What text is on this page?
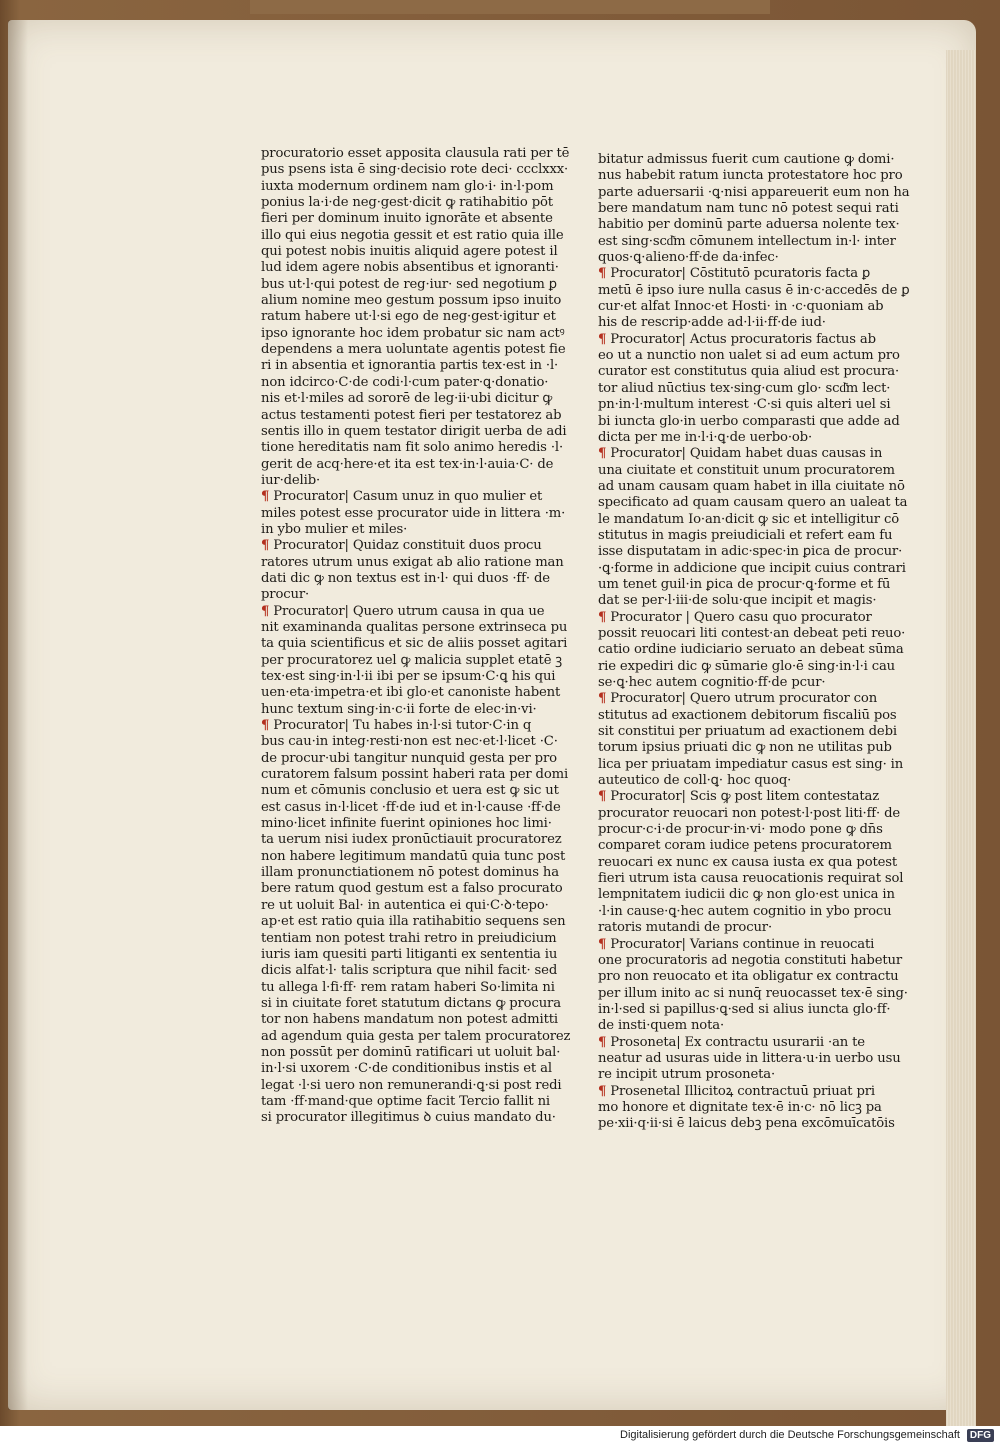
procuratorio esset apposita clausula rati per tē
pus psens ista ē sing·decisio rote deci· ccclxxx·
iuxta modernum ordinem nam glo·i· in·l·pom
ponius la·i·de neg·gest·dicit ꝙ ratihabitio pōt
fieri per dominum inuito ignorāte et absente
illo qui eius negotia gessit et est ratio quia ille
qui potest nobis inuitis aliquid agere potest il
lud idem agere nobis absentibus et ignoranti·
bus ut·l·qui potest de reg·iur· sed negotium ꝑ
alium nomine meo gestum possum ipso inuito
ratum habere ut·l·si ego de neg·gest·igitur et
ipso ignorante hoc idem probatur sic nam actꝰ
dependens a mera uoluntate agentis potest fie
ri in absentia et ignorantia partis tex·est in ·l·
non idcirco·C·de codi·l·cum pater·ꝗ·donatio·
nis et·l·miles ad sororē de leg·ii·ubi dicitur ꝙ
actus testamenti potest fieri per testatorez ab
sentis illo in quem testator dirigit uerba de adi
tione hereditatis nam fit solo animo heredis ·l·
gerit de acq·here·et ita est tex·in·l·auia·C· de
iur·delib·
¶ Procurator| Casum unuz in quo mulier et
miles potest esse procurator uide in littera ·m·
in ybo mulier et miles·
¶ Procurator| Quidaz constituit duos procu
ratores utrum unus exigat ab alio ratione man
dati dic ꝙ non textus est in·l· qui duos ·ff· de
procur·
¶ Procurator| Quero utrum causa in qua ue
nit examinanda qualitas persone extrinseca pu
ta quia scientificus et sic de aliis posset agitari
per procuratorez uel ꝙ malicia supplet etatē ꝫ
tex·est sing·in·l·ii ibi per se ipsum·C·ꝗ his qui
uen·eta·impetra·et ibi glo·et canoniste habent
hunc textum sing·in·c·ii forte de elec·in·vi·
¶ Procurator| Tu habes in·l·si tutor·C·in q
bus cau·in integ·resti·non est nec·et·l·licet ·C·
de procur·ubi tangitur nunquid gesta per pro
curatorem falsum possint haberi rata per domi
num et cōmunis conclusio et uera est ꝙ sic ut
est casus in·l·licet ·ff·de iud et in·l·cause ·ff·de
mino·licet infinite fuerint opiniones hoc limi·
ta uerum nisi iudex pronūctiauit procuratorez
non habere legitimum mandatū quia tunc post
illam pronunctiationem nō potest dominus ha
bere ratum quod gestum est a falso procurato
re ut uoluit Bal· in autentica ei qui·C·ꝺ·tepo·
ap·et est ratio quia illa ratihabitio sequens sen
tentiam non potest trahi retro in preiudicium
iuris iam quesiti parti litiganti ex sententia iu
dicis alfat·l· talis scriptura que nihil facit· sed
tu allega l·fi·ff· rem ratam haberi So·limita ni
si in ciuitate foret statutum dictans ꝙ procura
tor non habens mandatum non potest admitti
ad agendum quia gesta per talem procuratorez
non possūt per dominū ratificari ut uoluit bal·
in·l·si uxorem ·C·de conditionibus instis et al
legat ·l·si uero non remunerandi·ꝗ·si post redi
tam ·ff·mand·que optime facit Tercio fallit ni
si procurator illegitimus ꝺ cuius mandato du·
bitatur admissus fuerit cum cautione ꝙ domi·
nus habebit ratum iuncta protestatore hoc pro
parte aduersarii ·ꝗ·nisi appareuerit eum non ha
bere mandatum nam tunc nō potest sequi rati
habitio per dominū parte aduersa nolente tex·
est sing·scd͂m cōmunem intellectum in·l· inter
quos·ꝗ·alieno·ff·de da·infec·
¶ Procurator| Cōstitutō pcuratoris facta ꝑ
metū ē ipso iure nulla casus ē in·c·accedēs de ꝑ
cur·et alfat Innoc·et Hosti· in ·c·quoniam ab
his de rescrip·adde ad·l·ii·ff·de iud·
¶ Procurator| Actus procuratoris factus ab
eo ut a nunctio non ualet si ad eum actum pro
curator est constitutus quia aliud est procura·
tor aliud nūctius tex·sing·cum glo· scd͂m lect·
pn·in·l·multum interest ·C·si quis alteri uel si
bi iuncta glo·in uerbo comparasti que adde ad
dicta per me in·l·i·ꝗ·de uerbo·ob·
¶ Procurator| Quidam habet duas causas in
una ciuitate et constituit unum procuratorem
ad unam causam quam habet in illa ciuitate nō
specificato ad quam causam quero an ualeat ta
le mandatum Io·an·dicit ꝙ sic et intelligitur cō
stitutus in magis preiudiciali et refert eam fu
isse disputatam in adic·spec·in ꝑica de procur·
·ꝗ·forme in addicione que incipit cuius contrari
um tenet guil·in ꝑica de procur·ꝗ·forme et fū
dat se per·l·iii·de solu·que incipit et magis·
¶ Procurator | Quero casu quo procurator
possit reuocari liti contest·an debeat peti reuo·
catio ordine iudiciario seruato an debeat sūma
rie expediri dic ꝙ sūmarie glo·ē sing·in·l·i cau
se·ꝗ·hec autem cognitio·ff·de pcur·
¶ Procurator| Quero utrum procurator con
stitutus ad exactionem debitorum fiscaliū pos
sit constitui per priuatum ad exactionem debi
torum ipsius priuati dic ꝙ non ne utilitas pub
lica per priuatam impediatur casus est sing· in
auteutico de coll·ꝗ· hoc quoq·
¶ Procurator| Scis ꝙ post litem contestataz
procurator reuocari non potest·l·post liti·ff· de
procur·c·i·de procur·in·vi· modo pone ꝙ dn̄s
comparet coram iudice petens procuratorem
reuocari ex nunc ex causa iusta ex qua potest
fieri utrum ista causa reuocationis requirat sol
lempnitatem iudicii dic ꝙ non glo·est unica in
·l·in cause·ꝗ·hec autem cognitio in ybo procu
ratoris mutandi de procur·
¶ Procurator| Varians continue in reuocati
one procuratoris ad negotia constituti habetur
pro non reuocato et ita obligatur ex contractu
per illum inito ac si nunq̄ reuocasset tex·ē sing·
in·l·sed si papillus·ꝗ·sed si alius iuncta glo·ff·
de insti·quem nota·
¶ Prosoneta| Ex contractu usurarii ·an te
neatur ad usuras uide in littera·u·in uerbo usu
re incipit utrum prosoneta·
¶ Prosenetal Illicitoꝝ contractuū priuat pri
mo honore et dignitate tex·ē in·c· nō licꝫ pa
pe·xii·q·ii·si ē laicus debꝫ pena excōmuīcatōis
Digitalisierung gefördert durch die Deutsche Forschungsgemeinschaft DFG
